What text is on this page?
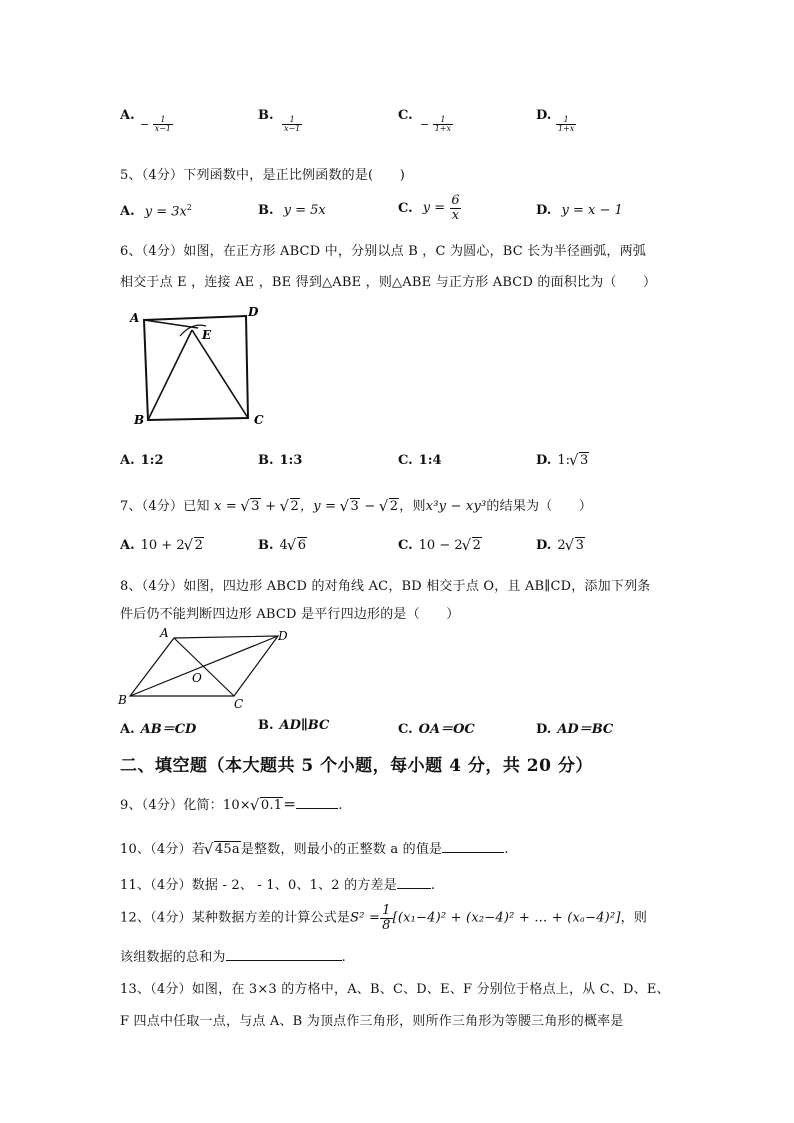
A.
− $\frac{1}{x-1}$
B.
$\frac{1}{x-1}$
C.
− $\frac{1}{1+x}$
D.
$\frac{1}{1+x}$
5、（4分）下列函数中，是正比例函数的是(　　)
A. $y = 3x^2$	B. y = 5x	C. $y = \frac{6}{x}$	D. y = x − 1
6、（4分）如图，在正方形 ABCD 中，分别以点 B ，C 为圆心，BC 长为半径画弧，两弧
相交于点 E ，连接 AE ，BE 得到△ABE ，则△ABE 与正方形 ABCD 的面积比为（　　）
A	D
E
B	C
A. 1:2	B. 1:3	C. 1:4	D. 1: √ 3
7、（4分）已知 x = √ 3 + √ 2，y = √ 3 − √ 2，则x³y − xy³的结果为（　　）
A. 10 + 2 √ 2	B. 4 √ 6	C. 10 − 2 √ 2	D. 2 √ 3
8、（4分）如图，四边形 ABCD 的对角线 AC，BD 相交于点 O，且 AB∥CD，添加下列条
件后仍不能判断四边形 ABCD 是平行四边形的是（　　）
A	D
B	C
O
A. AB＝CD	B. AD∥BC	C. OA＝OC	D. AD＝BC
二、填空题（本大题共 5 个小题，每小题 4 分，共 20 分）
9、（4分）化简：10× √ 0.1＝	.
10、（4分）若 √ 45a是整数，则最小的正整数 a 的值是	.
11、（4分）数据 - 2、 - 1、0、1、2 的方差是	.
12、（4分）某种数据方差的计算公式是$S^2 = \frac{1}{8} [(x_1-4)^2 + (x_2-4)^2$ + … + (xₐ−4)²]，则
该组数据的总和为	.
13、（4分）如图，在 3×3 的方格中，A、B、C、D、E、F 分别位于格点上，从 C、D、E、
F 四点中任取一点，与点 A、B 为顶点作三角形，则所作三角形为等腰三角形的概率是
